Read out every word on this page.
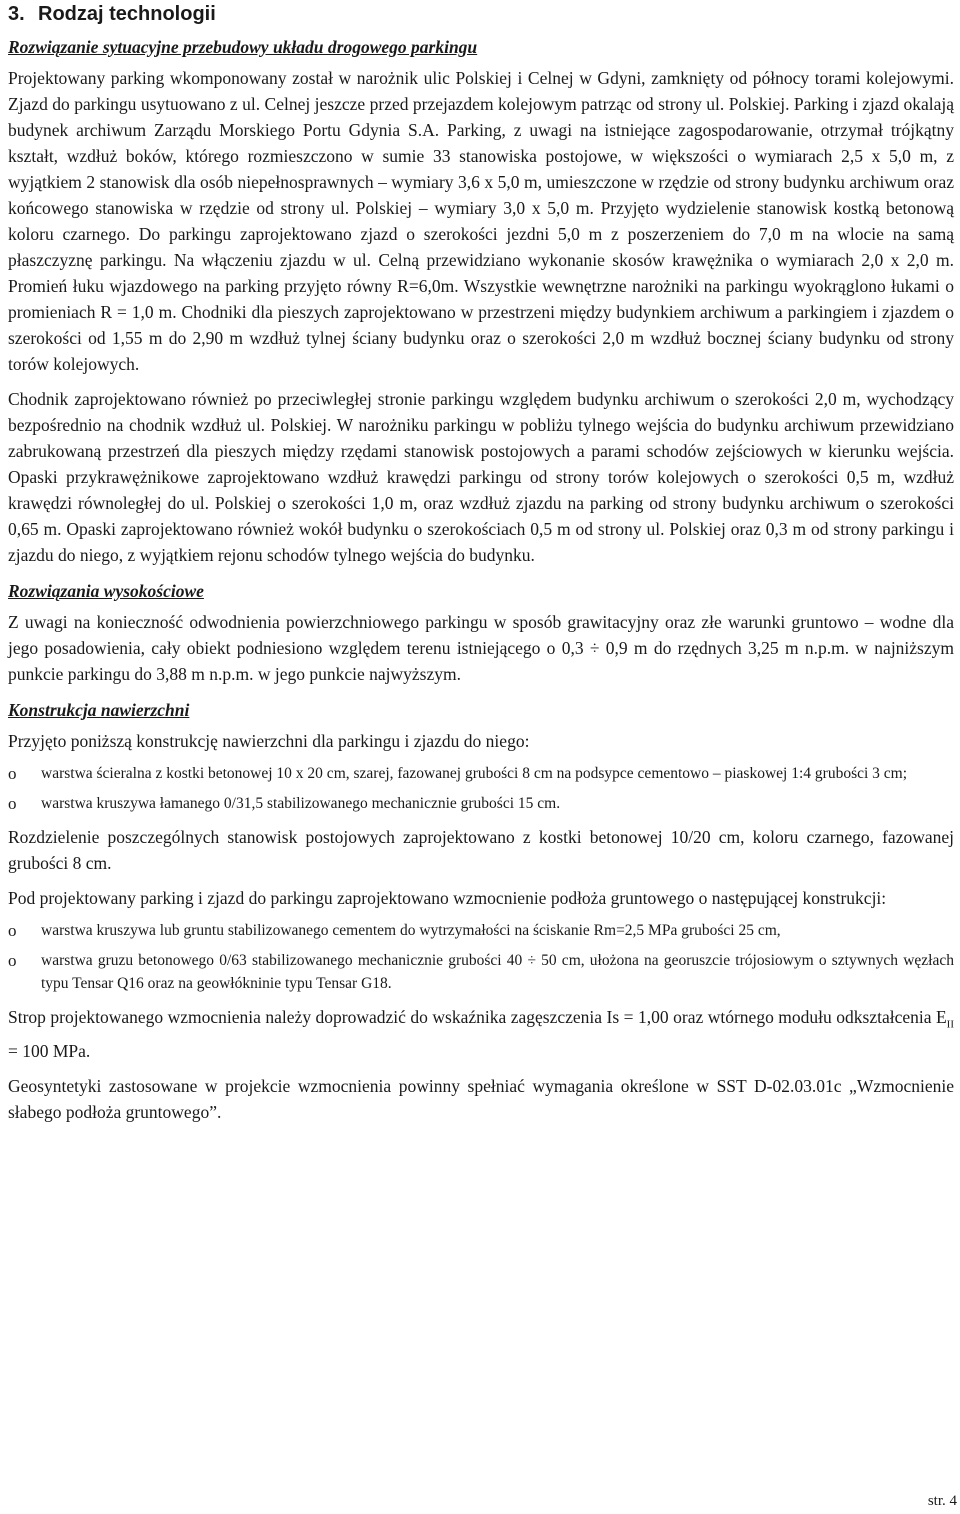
3. Rodzaj technologii
Rozwiązanie sytuacyjne przebudowy układu drogowego parkingu

Projektowany parking wkomponowany został w narożnik ulic Polskiej i Celnej w Gdyni, zamknięty od północy torami kolejowymi. Zjazd do parkingu usytuowano z ul. Celnej jeszcze przed przejazdem kolejowym patrząc od strony ul. Polskiej. Parking i zjazd okalają budynek archiwum Zarządu Morskiego Portu Gdynia S.A. Parking, z uwagi na istniejące zagospodarowanie, otrzymał trójkątny kształt, wzdłuż boków, którego rozmieszczono w sumie 33 stanowiska postojowe, w większości o wymiarach 2,5 x 5,0 m, z wyjątkiem 2 stanowisk dla osób niepełnosprawnych – wymiary 3,6 x 5,0 m, umieszczone w rzędzie od strony budynku archiwum oraz końcowego stanowiska w rzędzie od strony ul. Polskiej – wymiary 3,0 x 5,0 m. Przyjęto wydzielenie stanowisk kostką betonową koloru czarnego. Do parkingu zaprojektowano zjazd o szerokości jezdni 5,0 m z poszerzeniem do 7,0 m na wlocie na samą płaszczyznę parkingu. Na włączeniu zjazdu w ul. Celną przewidziano wykonanie skosów krawężnika o wymiarach 2,0 x 2,0 m. Promień łuku wjazdowego na parking przyjęto równy R=6,0m. Wszystkie wewnętrzne narożniki na parkingu wyokrąglono łukami o promieniach R = 1,0 m. Chodniki dla pieszych zaprojektowano w przestrzeni między budynkiem archiwum a parkingiem i zjazdem o szerokości od 1,55 m do 2,90 m wzdłuż tylnej ściany budynku oraz o szerokości 2,0 m wzdłuż bocznej ściany budynku od strony torów kolejowych.

Chodnik zaprojektowano również po przeciwległej stronie parkingu względem budynku archiwum o szerokości 2,0 m, wychodzący bezpośrednio na chodnik wzdłuż ul. Polskiej. W narożniku parkingu w pobliżu tylnego wejścia do budynku archiwum przewidziano zabrukowaną przestrzeń dla pieszych między rzędami stanowisk postojowych a parami schodów zejściowych w kierunku wejścia. Opaski przykrawężnikowe zaprojektowano wzdłuż krawędzi parkingu od strony torów kolejowych o szerokości 0,5 m, wzdłuż krawędzi równoległej do ul. Polskiej o szerokości 1,0 m, oraz wzdłuż zjazdu na parking od strony budynku archiwum o szerokości 0,65 m. Opaski zaprojektowano również wokół budynku o szerokościach 0,5 m od strony ul. Polskiej oraz 0,3 m od strony parkingu i zjazdu do niego, z wyjątkiem rejonu schodów tylnego wejścia do budynku.

Rozwiązania wysokościowe

Z uwagi na konieczność odwodnienia powierzchniowego parkingu w sposób grawitacyjny oraz złe warunki gruntowo – wodne dla jego posadowienia, cały obiekt podniesiono względem terenu istniejącego o 0,3 ÷ 0,9 m do rzędnych 3,25 m n.p.m. w najniższym punkcie parkingu do 3,88 m n.p.m. w jego punkcie najwyższym.

Konstrukcja nawierzchni

Przyjęto poniższą konstrukcję nawierzchni dla parkingu i zjazdu do niego:

o warstwa ścieralna z kostki betonowej 10 x 20 cm, szarej, fazowanej grubości 8 cm na podsypce cementowo – piaskowej 1:4 grubości 3 cm;
o warstwa kruszywa łamanego 0/31,5 stabilizowanego mechanicznie grubości 15 cm.

Rozdzielenie poszczególnych stanowisk postojowych zaprojektowano z kostki betonowej 10/20 cm, koloru czarnego, fazowanej grubości 8 cm.

Pod projektowany parking i zjazd do parkingu zaprojektowano wzmocnienie podłoża gruntowego o następującej konstrukcji:

o warstwa kruszywa lub gruntu stabilizowanego cementem do wytrzymałości na ściskanie Rm=2,5 MPa grubości 25 cm,
o warstwa gruzu betonowego 0/63 stabilizowanego mechanicznie grubości 40 ÷ 50 cm, ułożona na georuszcie trójosiowym o sztywnych węzłach typu Tensar Q16 oraz na geowłókninie typu Tensar G18.

Strop projektowanego wzmocnienia należy doprowadzić do wskaźnika zagęszczenia Is = 1,00 oraz wtórnego modułu odkształcenia $E_{II} = 100$ MPa.

Geosyntetyki zastosowane w projekcie wzmocnienia powinny spełniać wymagania określone w SST D-02.03.01c „Wzmocnienie słabego podłoża gruntowego”.

str. 4
